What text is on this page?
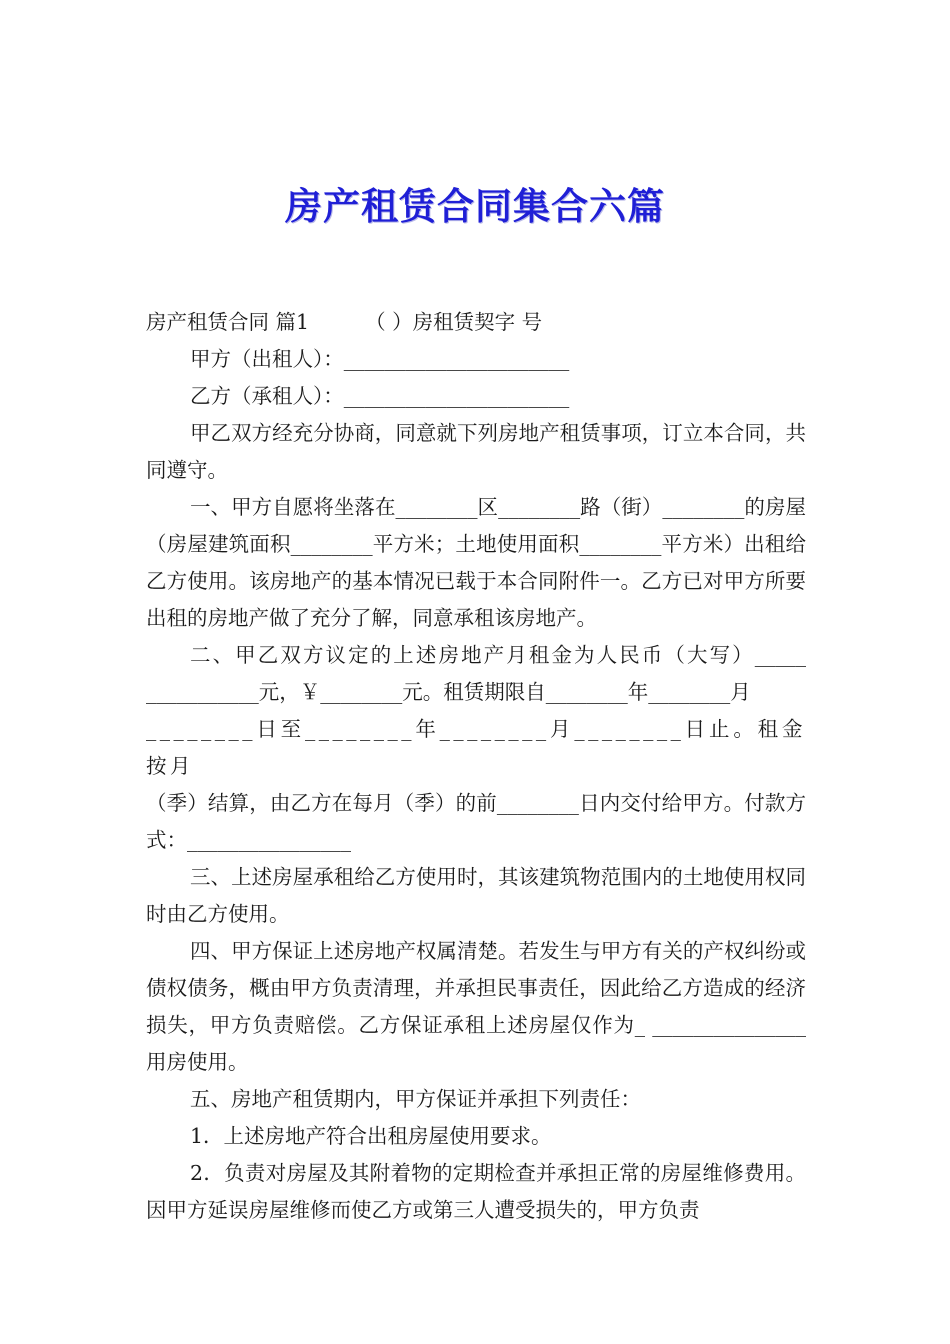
房产租赁合同集合六篇

房产租赁合同 篇1	（ ）房租赁契字 号

甲方（出租人）：______________________

乙方（承租人）：______________________

甲乙双方经充分协商，同意就下列房地产租赁事项，订立本合同，共同遵守。

一、甲方自愿将坐落在________区________路（街）________的房屋（房屋建筑面积________平方米；土地使用面积________平方米）出租给乙方使用。该房地产的基本情况已载于本合同附件一。乙方已对甲方所要出租的房地产做了充分了解，同意承租该房地产。

二、甲乙双方议定的上述房地产月租金为人民币（大写）_____ ___________元，￥________元。租赁期限自________年________月

________日至________年________月________日止。租金按月

（季）结算，由乙方在每月（季）的前________日内交付给甲方。付款方式：________________

三、上述房屋承租给乙方使用时，其该建筑物范围内的土地使用权同时由乙方使用。

四、甲方保证上述房地产权属清楚。若发生与甲方有关的产权纠纷或债权债务，概由甲方负责清理，并承担民事责任，因此给乙方造成的经济损失，甲方负责赔偿。乙方保证承租上述房屋仅作为_ _______________用房使用。

五、房地产租赁期内，甲方保证并承担下列责任：

1．上述房地产符合出租房屋使用要求。

2．负责对房屋及其附着物的定期检查并承担正常的房屋维修费用。因甲方延误房屋维修而使乙方或第三人遭受损失的，甲方负责
